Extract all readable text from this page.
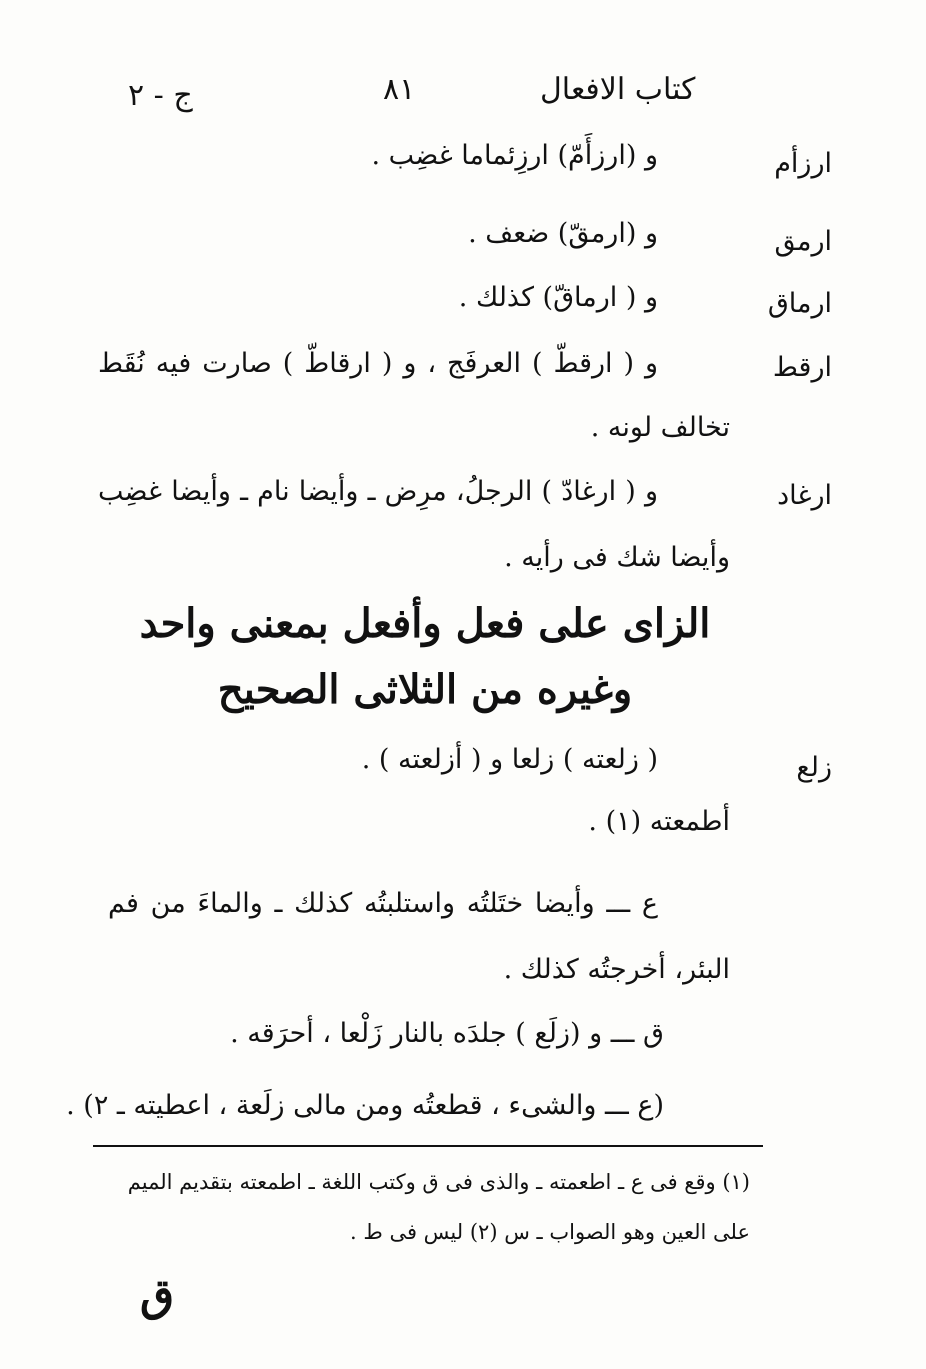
كتاب الافعال
٨١
ج - ٢
ارزأم
و (ارزأَمّ) ارزِئماما غضِب .
ارمق
و (ارمقّ) ضعف .
ارماق
و ( ارماقّ) كذلك .
ارقط
و ( ارقطّ ) العرفَج ، و ( ارقاطّ ) صارت فيه نُقَط
تخالف لونه .
ارغاد
و ( ارغادّ ) الرجلُ، مرِض ـ وأيضا نام ـ وأيضا غضِب
وأيضا شك فى رأيه .
الزاى على فعل وأفعل بمعنى واحد
وغيره من الثلاثى الصحيح
زلع
( زلعته ) زلعا و ( أزلعته ) .
أطمعته (١) .
ع ـــ وأيضا ختَلتُه واستلبتُه كذلك ـ والماءَ من فم
البئر، أخرجتُه كذلك .
ق ـــ و (زلَع ) جلدَه بالنار زَلْعا ، أحرَقه .
(ع ـــ والشىء ، قطعتُه ومن مالى زلَعة ، اعطيته ـ ٢) .
(١) وقع فى ع ـ اطعمته ـ والذى فى ق وكتب اللغة ـ اطمعته بتقديم الميم
على العين وهو الصواب ـ س (٢) ليس فى ط .
ق
